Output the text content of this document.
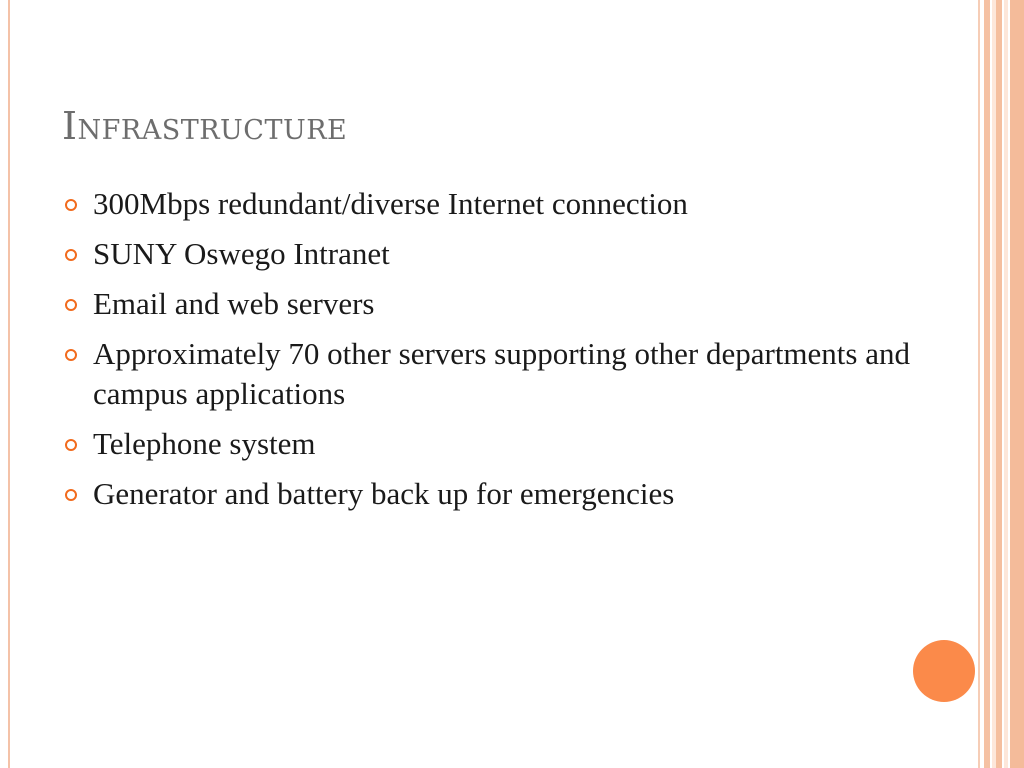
Infrastructure
300Mbps redundant/diverse Internet connection
SUNY Oswego Intranet
Email and web servers
Approximately 70 other servers supporting other departments and campus applications
Telephone system
Generator and battery back up for emergencies
